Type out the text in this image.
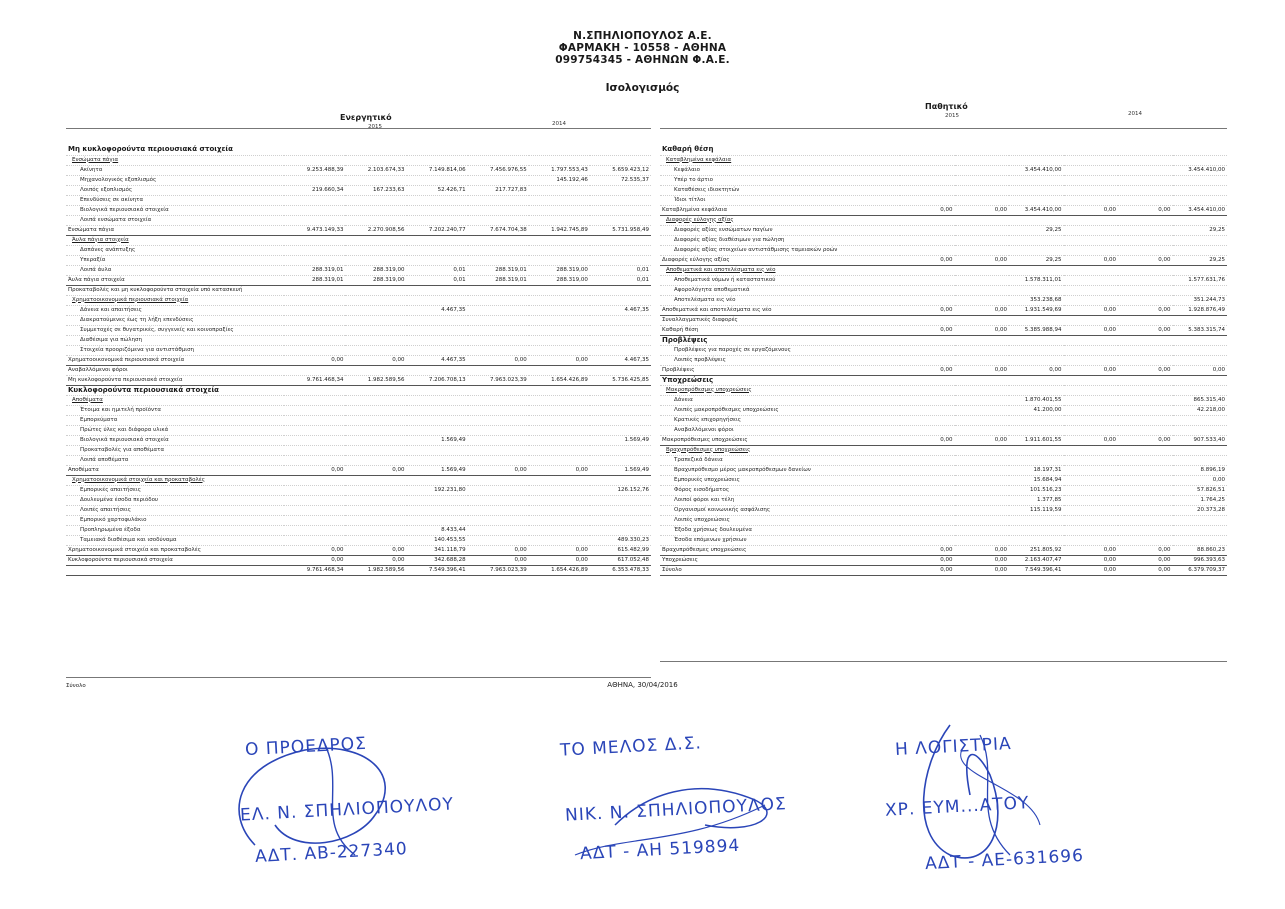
Ν.ΣΠΗΛΙΟΠΟΥΛΟΣ Α.Ε.
ΦΑΡΜΑΚΗ - 10558 - ΑΘΗΝΑ
099754345 - ΑΘΗΝΩΝ Φ.Α.Ε.
Ισολογισμός
Ενεργητικό
2015	2014
Παθητικό
2015	2014
Μη κυκλοφορούντα περιουσιακά στοιχεία						
Ενσώματα πάγια						
Ακίνητα	9.253.488,39	2.103.674,33	7.149.814,06	7.456.976,55	1.797.553,43	5.659.423,12
Μηχανολογικός εξοπλισμός					145.192,46	72.535,37
Λοιπός εξοπλισμός	219.660,34	167.233,63	52.426,71	217.727,83		
Επενδύσεις σε ακίνητα						
Βιολογικά περιουσιακά στοιχεία						
Λοιπά ενσώματα στοιχεία						
Ενσώματα πάγια	9.473.149,33	2.270.908,56	7.202.240,77	7.674.704,38	1.942.745,89	5.731.958,49
Άυλα πάγια στοιχεία						
Δαπάνες ανάπτυξης						
Υπεραξία						
Λοιπά άυλα	288.319,01	288.319,00	0,01	288.319,01	288.319,00	0,01
Άυλα πάγια στοιχεία	288.319,01	288.319,00	0,01	288.319,01	288.319,00	0,01
Προκαταβολές και μη κυκλοφορούντα στοιχεία υπό κατασκευή						
Χρηματοοικονομικά περιουσιακά στοιχεία						
Δάνεια και απαιτήσεις			4.467,35			4.467,35
Διακρατούμενες έως τη λήξη επενδύσεις						
Συμμετοχές σε θυγατρικές, συγγενείς και κοινοπραξίες						
Διαθέσιμα για πώληση						
Στοιχεία προοριζόμενα για αντιστάθμιση						
Χρηματοοικονομικά περιουσιακά στοιχεία	0,00	0,00	4.467,35	0,00	0,00	4.467,35
Αναβαλλόμενοι φόροι						
Μη κυκλοφορούντα περιουσιακά στοιχεία	9.761.468,34	1.982.589,56	7.206.708,13	7.963.023,39	1.654.426,89	5.736.425,85
Κυκλοφορούντα περιουσιακά στοιχεία						
Αποθέματα						
Έτοιμα και ημιτελή προϊόντα						
Εμπορεύματα						
Πρώτες ύλες και διάφορα υλικά						
Βιολογικά περιουσιακά στοιχεία			1.569,49			1.569,49
Προκαταβολές για αποθέματα						
Λοιπά αποθέματα						
Αποθέματα	0,00	0,00	1.569,49	0,00	0,00	1.569,49
Χρηματοοικονομικά στοιχεία και προκαταβολές						
Εμπορικές απαιτήσεις			192.231,80			126.152,76
Δουλευμένα έσοδα περιόδου						
Λοιπές απαιτήσεις						
Εμπορικό χαρτοφυλάκιο						
Προπληρωμένα έξοδα			8.433,44			
Ταμειακά διαθέσιμα και ισοδύναμα			140.453,55			489.330,23
Χρηματοοικονομικά στοιχεία και προκαταβολές	0,00	0,00	341.118,79	0,00	0,00	615.482,99
Κυκλοφορούντα περιουσιακά στοιχεία	0,00	0,00	342.688,28	0,00	0,00	617.052,48
	9.761.468,34	1.982.589,56	7.549.396,41	7.963.023,39	1.654.426,89	6.353.478,33
Καθαρή θέση						
Καταβλημένα κεφάλαια						
Κεφάλαιο			3.454.410,00			3.454.410,00
Υπέρ το άρτιο						
Καταθέσεις ιδιοκτητών						
Ίδιοι τίτλοι						
Καταβλημένα κεφάλαια	0,00	0,00	3.454.410,00	0,00	0,00	3.454.410,00
Διαφορές εύλογης αξίας						
Διαφορές αξίας ενσώματων παγίων			29,25			29,25
Διαφορές αξίας διαθέσιμων για πώληση						
Διαφορές αξίας στοιχείων αντιστάθμισης ταμειακών ροών						
Διαφορές εύλογης αξίας	0,00	0,00	29,25	0,00	0,00	29,25
Αποθεματικά και αποτελέσματα εις νέο						
Αποθεματικά νόμων ή καταστατικού			1.578.311,01			1.577.631,76
Αφορολόγητα αποθεματικά						
Αποτελέσματα εις νέο			353.238,68			351.244,73
Αποθεματικά και αποτελέσματα εις νέο	0,00	0,00	1.931.549,69	0,00	0,00	1.928.876,49
Συναλλαγματικές διαφορές						
Καθαρή θέση	0,00	0,00	5.385.988,94	0,00	0,00	5.383.315,74
Προβλέψεις						
Προβλέψεις για παροχές σε εργαζόμενους						
Λοιπές προβλέψεις						
Προβλέψεις	0,00	0,00	0,00	0,00	0,00	0,00
Υποχρεώσεις						
Μακροπρόθεσμες υποχρεώσεις						
Δάνεια			1.870.401,55			865.315,40
Λοιπές μακροπρόθεσμες υποχρεώσεις			41.200,00			42.218,00
Κρατικές επιχορηγήσεις						
Αναβαλλόμενοι φόροι						
Μακροπρόθεσμες υποχρεώσεις	0,00	0,00	1.911.601,55	0,00	0,00	907.533,40
Βραχυπρόθεσμες υποχρεώσεις						
Τραπεζικά δάνεια						
Βραχυπρόθεσμο μέρος μακροπρόθεσμων δανείων			18.197,31			8.896,19
Εμπορικές υποχρεώσεις			15.684,94			0,00
Φόρος εισοδήματος			101.516,23			57.826,51
Λοιποί φόροι και τέλη			1.377,85			1.764,25
Οργανισμοί κοινωνικής ασφάλισης			115.119,59			20.373,28
Λοιπές υποχρεώσεις						
Έξοδα χρήσεως δουλευμένα						
Έσοδα επόμενων χρήσεων						
Βραχυπρόθεσμες υποχρεώσεις	0,00	0,00	251.805,92	0,00	0,00	88.860,23
Υποχρεώσεις	0,00	0,00	2.163.407,47	0,00	0,00	996.393,63
Σύνολο	0,00	0,00	7.549.396,41	0,00	0,00	6.379.709,37
Σύνολο	ΑΘΗΝΑ, 30/04/2016
Ο ΠΡΟΕΔΡΟΣ
ΕΛ. Ν. ΣΠΗΛΙΟΠΟΥΛΟΥ
ΑΔΤ. ΑΒ-227340
ΤΟ ΜΕΛΟΣ Δ.Σ.
ΝΙΚ. Ν. ΣΠΗΛΙΟΠΟΥΛΟΣ
ΑΔΤ - ΑΗ 519894
Η ΛΟΓΙΣΤΡΙΑ
ΧΡ. ΕΥΜ...ΑΤΟΥ
ΑΔΤ - ΑΕ-631696
